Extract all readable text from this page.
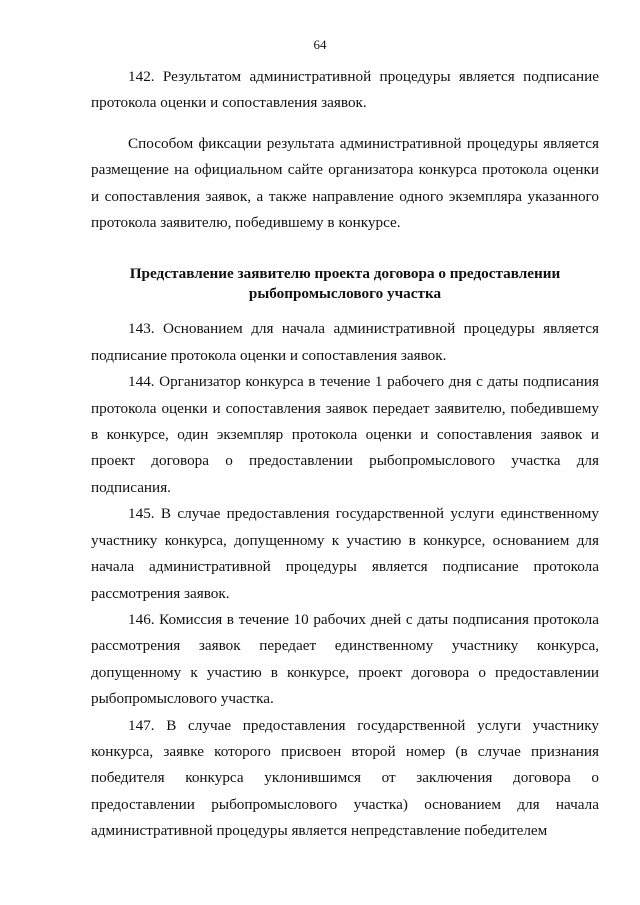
64

142. Результатом административной процедуры является подписание протокола оценки и сопоставления заявок.

Способом фиксации результата административной процедуры является размещение на официальном сайте организатора конкурса протокола оценки и сопоставления заявок, а также направление одного экземпляра указанного протокола заявителю, победившему в конкурсе.

Представление заявителю проекта договора о предоставлении
рыбопромыслового участка

143. Основанием для начала административной процедуры является подписание протокола оценки и сопоставления заявок.

144. Организатор конкурса в течение 1 рабочего дня с даты подписания протокола оценки и сопоставления заявок передает заявителю, победившему в конкурсе, один экземпляр протокола оценки и сопоставления заявок и проект договора о предоставлении рыбопромыслового участка для подписания.

145. В случае предоставления государственной услуги единственному участнику конкурса, допущенному к участию в конкурсе, основанием для начала административной процедуры является подписание протокола рассмотрения заявок.

146. Комиссия в течение 10 рабочих дней с даты подписания протокола рассмотрения заявок передает единственному участнику конкурса, допущенному к участию в конкурсе, проект договора о предоставлении рыбопромыслового участка.

147. В случае предоставления государственной услуги участнику конкурса, заявке которого присвоен второй номер (в случае признания победителя конкурса уклонившимся от заключения договора о предоставлении рыбопромыслового участка) основанием для начала административной процедуры является непредставление победителем
